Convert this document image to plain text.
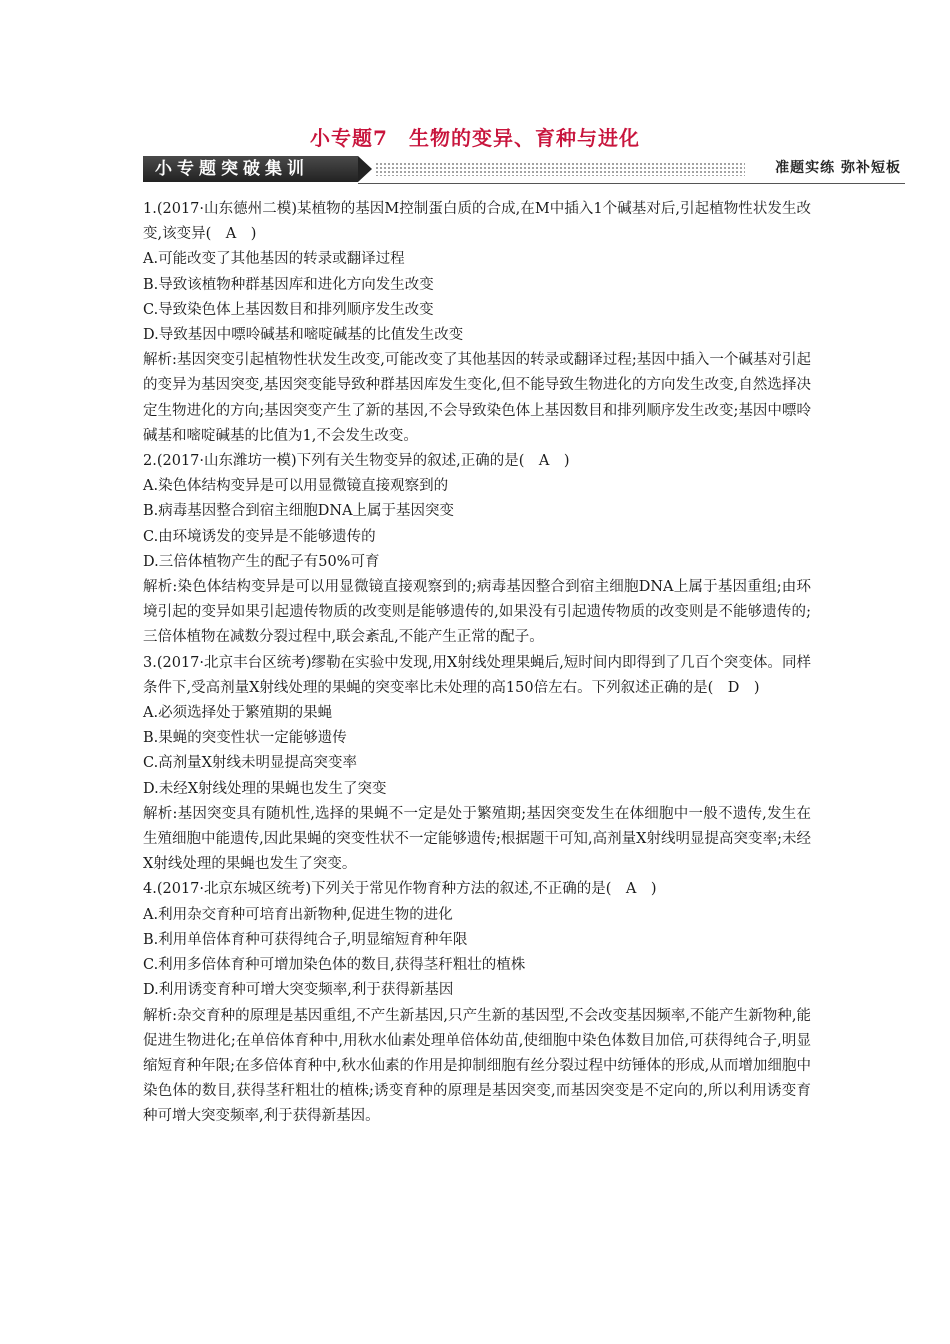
小专题7　生物的变异、育种与进化
小专题突破集训	准题实练 弥补短板

1.(2017·山东德州二模)某植物的基因M控制蛋白质的合成,在M中插入1个碱基对后,引起植物性状发生改变,该变异(　A　)

A.可能改变了其他基因的转录或翻译过程

B.导致该植物种群基因库和进化方向发生改变

C.导致染色体上基因数目和排列顺序发生改变

D.导致基因中嘌呤碱基和嘧啶碱基的比值发生改变

解析:基因突变引起植物性状发生改变,可能改变了其他基因的转录或翻译过程;基因中插入一个碱基对引起的变异为基因突变,基因突变能导致种群基因库发生变化,但不能导致生物进化的方向发生改变,自然选择决定生物进化的方向;基因突变产生了新的基因,不会导致染色体上基因数目和排列顺序发生改变;基因中嘌呤碱基和嘧啶碱基的比值为1,不会发生改变。

2.(2017·山东潍坊一模)下列有关生物变异的叙述,正确的是(　A　)

A.染色体结构变异是可以用显微镜直接观察到的

B.病毒基因整合到宿主细胞DNA上属于基因突变

C.由环境诱发的变异是不能够遗传的

D.三倍体植物产生的配子有50%可育

解析:染色体结构变异是可以用显微镜直接观察到的;病毒基因整合到宿主细胞DNA上属于基因重组;由环境引起的变异如果引起遗传物质的改变则是能够遗传的,如果没有引起遗传物质的改变则是不能够遗传的;三倍体植物在减数分裂过程中,联会紊乱,不能产生正常的配子。

3.(2017·北京丰台区统考)缪勒在实验中发现,用X射线处理果蝇后,短时间内即得到了几百个突变体。同样条件下,受高剂量X射线处理的果蝇的突变率比未处理的高150倍左右。下列叙述正确的是(　D　)

A.必须选择处于繁殖期的果蝇

B.果蝇的突变性状一定能够遗传

C.高剂量X射线未明显提高突变率

D.未经X射线处理的果蝇也发生了突变

解析:基因突变具有随机性,选择的果蝇不一定是处于繁殖期;基因突变发生在体细胞中一般不遗传,发生在生殖细胞中能遗传,因此果蝇的突变性状不一定能够遗传;根据题干可知,高剂量X射线明显提高突变率;未经X射线处理的果蝇也发生了突变。

4.(2017·北京东城区统考)下列关于常见作物育种方法的叙述,不正确的是(　A　)

A.利用杂交育种可培育出新物种,促进生物的进化

B.利用单倍体育种可获得纯合子,明显缩短育种年限

C.利用多倍体育种可增加染色体的数目,获得茎秆粗壮的植株

D.利用诱变育种可增大突变频率,利于获得新基因

解析:杂交育种的原理是基因重组,不产生新基因,只产生新的基因型,不会改变基因频率,不能产生新物种,能促进生物进化;在单倍体育种中,用秋水仙素处理单倍体幼苗,使细胞中染色体数目加倍,可获得纯合子,明显缩短育种年限;在多倍体育种中,秋水仙素的作用是抑制细胞有丝分裂过程中纺锤体的形成,从而增加细胞中染色体的数目,获得茎秆粗壮的植株;诱变育种的原理是基因突变,而基因突变是不定向的,所以利用诱变育种可增大突变频率,利于获得新基因。
